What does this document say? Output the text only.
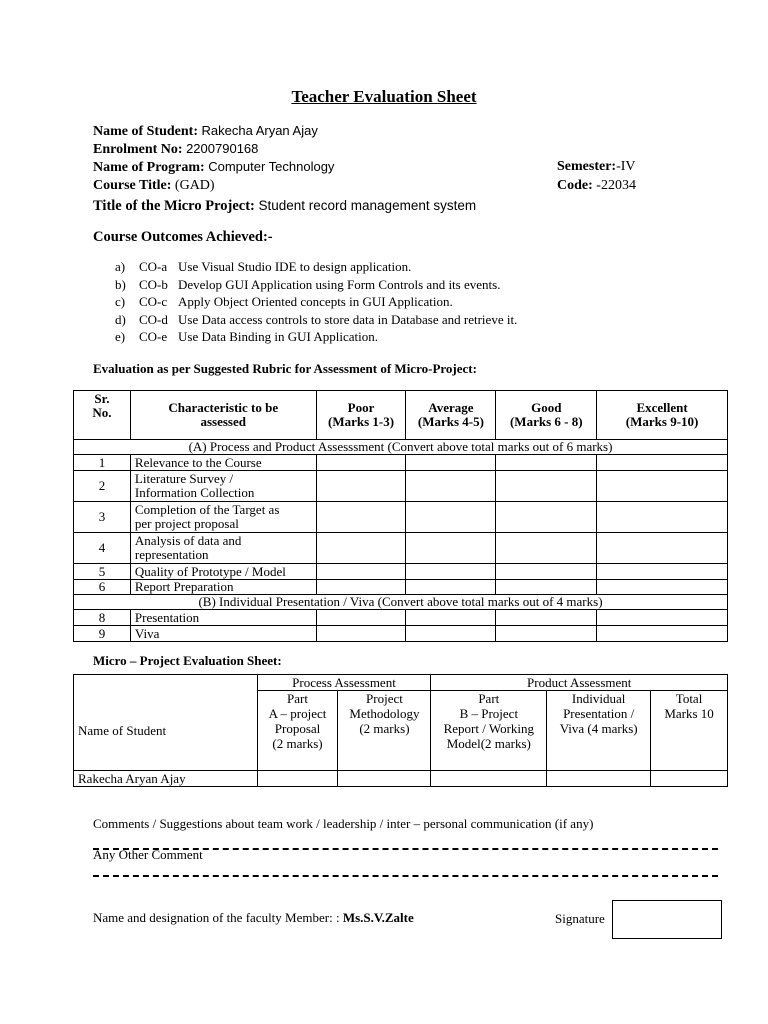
Teacher Evaluation Sheet
Name of Student: Rakecha Aryan Ajay
Enrolment No: 2200790168
Name of Program: Computer Technology	Semester:-IV
Course Title: (GAD)	Code: -22034
Title of the Micro Project: Student record management system
Course Outcomes Achieved:-
a) CO-a Use Visual Studio IDE to design application.
b) CO-b Develop GUI Application using Form Controls and its events.
c) CO-c Apply Object Oriented concepts in GUI Application.
d) CO-d Use Data access controls to store data in Database and retrieve it.
e) CO-e Use Data Binding in GUI Application.
Evaluation as per Suggested Rubric for Assessment of Micro-Project:
Sr.
No.	Characteristic to be
assessed	Poor
(Marks 1-3)	Average
(Marks 4-5)	Good
(Marks 6 - 8)	Excellent
(Marks 9-10)
(A) Process and Product Assesssment (Convert above total marks out of 6 marks)					
1	Relevance to the Course				
2	Literature Survey /
Information Collection				
3	Completion of the Target as
per project proposal				
4	Analysis of data and
representation				
5	Quality of Prototype / Model				
6	Report Preparation				
(B) Individual Presentation / Viva (Convert above total marks out of 4 marks)					
8	Presentation				
9	Viva				
Micro – Project Evaluation Sheet:
	Process Assessment		Product Assessment		
Name of Student	Part
A – project
Proposal
(2 marks)	Project
Methodology
(2 marks)	Part
B – Project
Report / Working
Model(2 marks)	Individual
Presentation /
Viva (4 marks)	Total
Marks 10
Rakecha Aryan Ajay					
Comments / Suggestions about team work / leadership / inter – personal communication (if any)
Any Other Comment
Name and designation of the faculty Member: : Ms.S.V.Zalte	Signature
